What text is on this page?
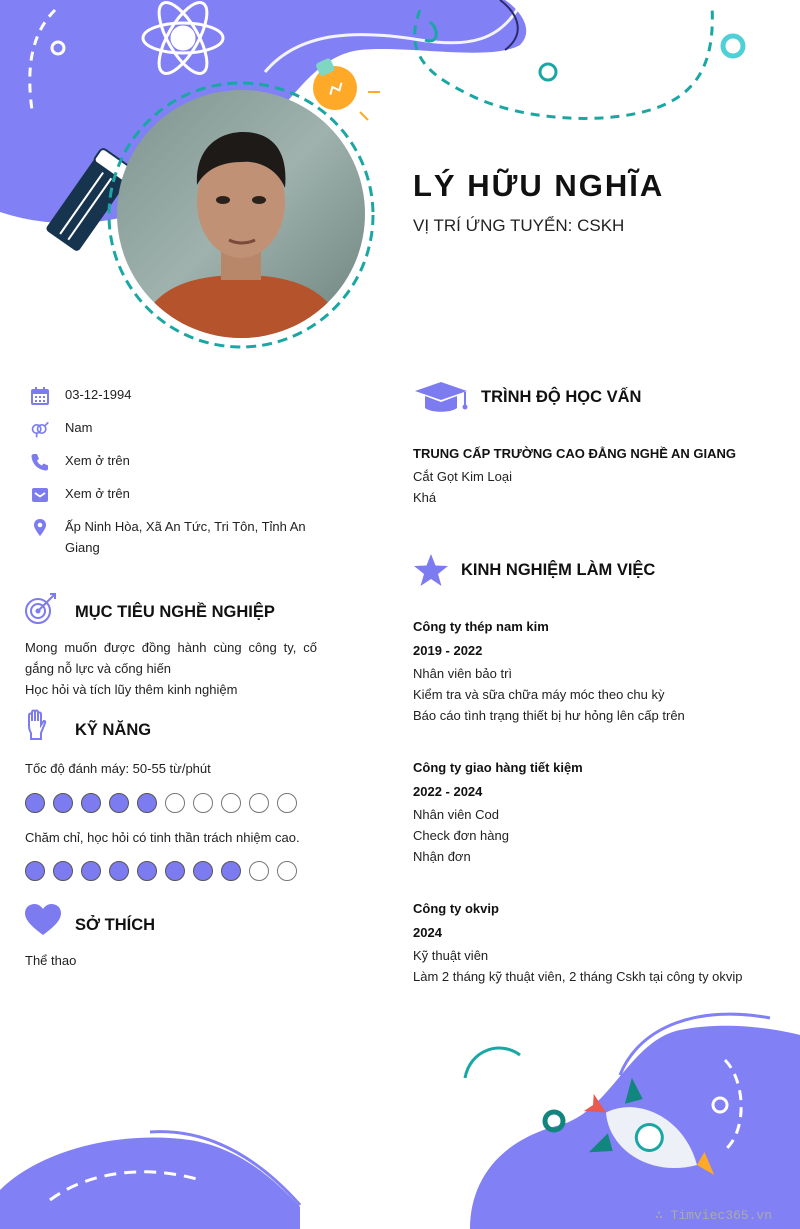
LÝ HỮU NGHĨA
VỊ TRÍ ỨNG TUYỂN: CSKH
03-12-1994
Nam
Xem ở trên
Xem ở trên
Ấp Ninh Hòa, Xã An Tức, Tri Tôn, Tỉnh An Giang
MỤC TIÊU NGHỀ NGHIỆP
Mong muốn được đồng hành cùng công ty, cố gắng nỗ lực và cống hiến
Học hỏi và tích lũy thêm kinh nghiệm
KỸ NĂNG
Tốc độ đánh máy: 50-55 từ/phút
Chăm chỉ, học hỏi có tinh thần trách nhiệm cao.
SỞ THÍCH
Thể thao
TRÌNH ĐỘ HỌC VẤN
TRUNG CẤP TRƯỜNG CAO ĐẲNG NGHỀ AN GIANG
Cắt Gọt Kim Loại
Khá
KINH NGHIỆM LÀM VIỆC
Công ty thép nam kim
2019 - 2022
Nhân viên bảo trì
Kiểm tra và sữa chữa máy móc theo chu kỳ
Báo cáo tình trạng thiết bị hư hỏng lên cấp trên
Công ty giao hàng tiết kiệm
2022 - 2024
Nhân viên Cod
Check đơn hàng
Nhận đơn
Công ty okvip
2024
Kỹ thuật viên
Làm 2 tháng kỹ thuật viên, 2 tháng Cskh tại công ty okvip
∴ Timviec365.vn
